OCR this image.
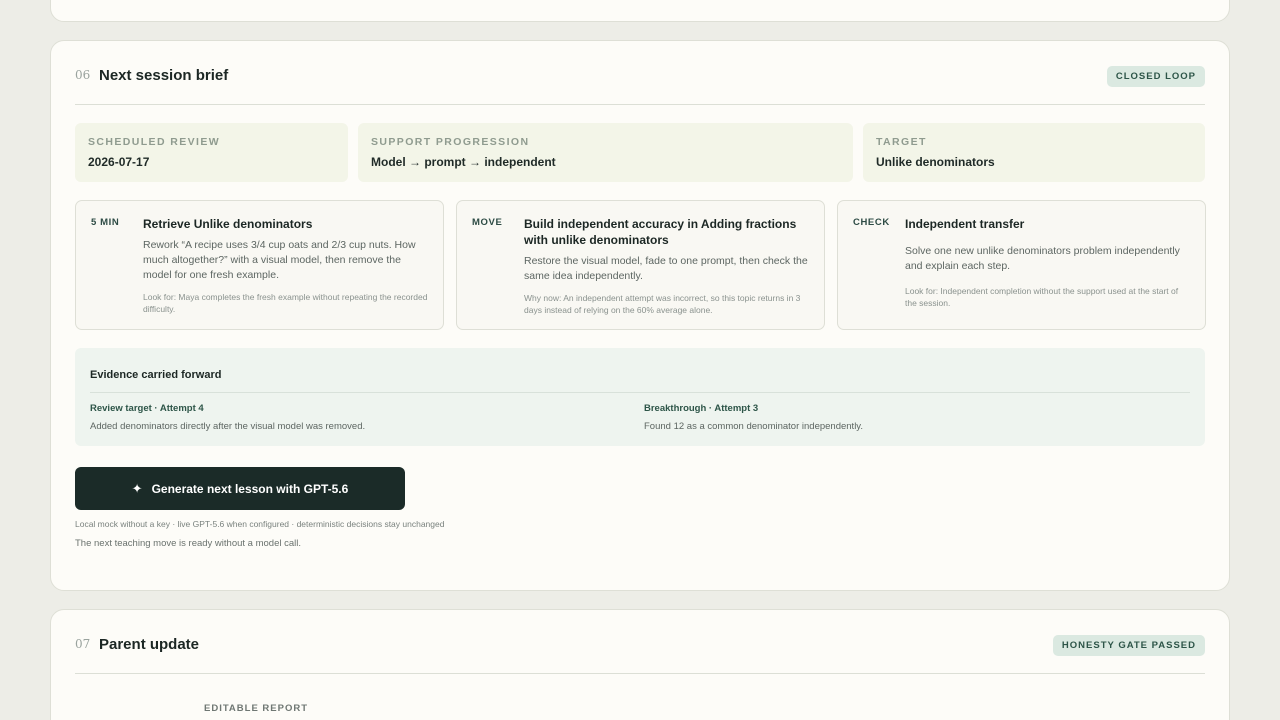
06 Next session brief	CLOSED LOOP
SCHEDULED REVIEW
2026-07-17
SUPPORT PROGRESSION
Model → prompt → independent
TARGET
Unlike denominators
5 MIN Retrieve Unlike denominators
Rework “A recipe uses 3/4 cup oats and 2/3 cup nuts. How much altogether?” with a visual model, then remove the model for one fresh example.
Look for: Maya completes the fresh example without repeating the recorded difficulty.
MOVE Build independent accuracy in Adding fractions with unlike denominators
Restore the visual model, fade to one prompt, then check the same idea independently.
Why now: An independent attempt was incorrect, so this topic returns in 3 days instead of relying on the 60% average alone.
CHECK Independent transfer
Solve one new unlike denominators problem independently and explain each step.
Look for: Independent completion without the support used at the start of the session.
Evidence carried forward
Review target · Attempt 4
Added denominators directly after the visual model was removed.
Breakthrough · Attempt 3
Found 12 as a common denominator independently.
✦ Generate next lesson with GPT-5.6
Local mock without a key · live GPT-5.6 when configured · deterministic decisions stay unchanged
The next teaching move is ready without a model call.
07 Parent update	HONESTY GATE PASSED
EDITABLE REPORT
